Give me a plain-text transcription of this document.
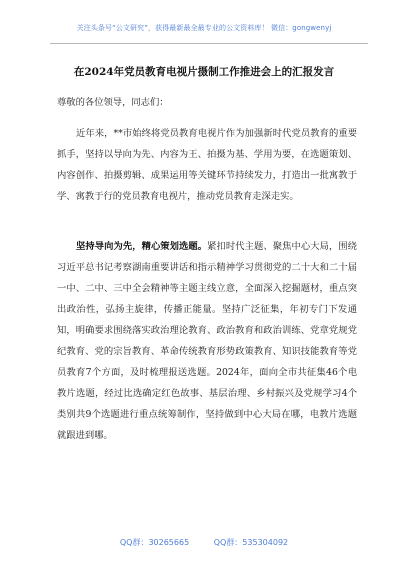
关注头条号“公文研究”，获得最新最全最专业的公文资料库！ 微信：gongwenyj
在2024年党员教育电视片摄制工作推进会上的汇报发言
尊敬的各位领导，同志们：
近年来，**市始终将党员教育电视片作为加强新时代党员教育的重要抓手，坚持以导向为先、内容为王、拍摄为基、学用为要，在选题策划、内容创作、拍摄剪辑、成果运用等关键环节持续发力，打造出一批寓教于学、寓教于行的党员教育电视片，推动党员教育走深走实。
坚持导向为先，精心策划选题。紧扣时代主题、聚焦中心大局，围绕习近平总书记考察湖南重要讲话和指示精神学习贯彻党的二十大和二十届一中、二中、三中全会精神等主题主线立意，全面深入挖掘题材，重点突出政治性，弘扬主旋律，传播正能量。坚持广泛征集，年初专门下发通知，明确要求围绕落实政治理论教育、政治教育和政治训练、党章党规党纪教育、党的宗旨教育、革命传统教育形势政策教育、知识技能教育等党员教育7个方面，及时梳理报送选题。2024年，面向全市共征集46个电教片选题，经过比选确定红色故事、基层治理、乡村振兴及党规学习4个类别共9个选题进行重点统筹制作，坚持做到中心大局在哪，电教片选题就跟进到哪。
QQ群：30265665	QQ群：535304092
